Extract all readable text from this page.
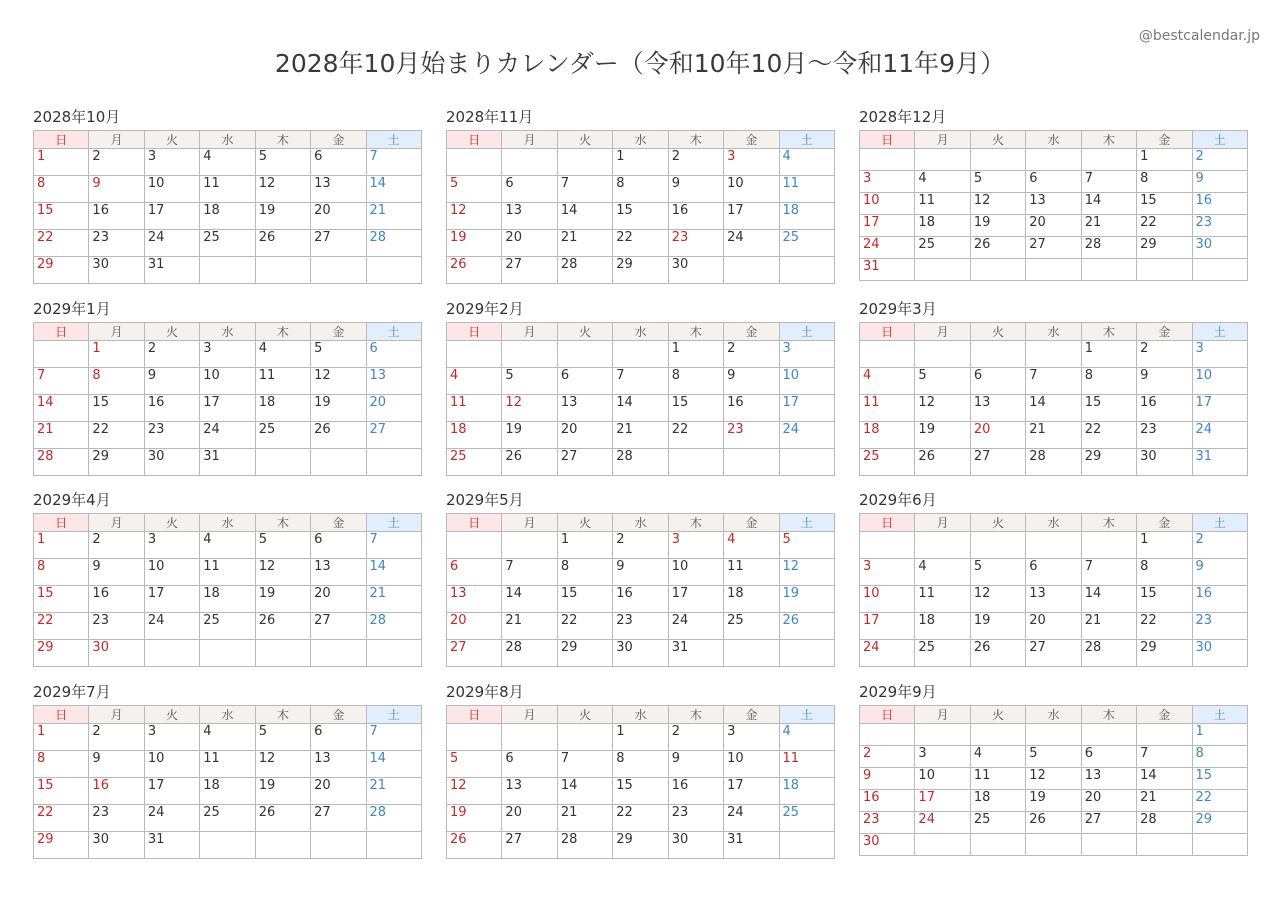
@bestcalendar.jp
2028年10月始まりカレンダー（令和10年10月〜令和11年9月）
2028年10月
日	月	火	水	木	金	土
1	2	3	4	5	6	7
8	9	10	11	12	13	14
15	16	17	18	19	20	21
22	23	24	25	26	27	28
29	30	31				
2028年11月
日	月	火	水	木	金	土
			1	2	3	4
5	6	7	8	9	10	11
12	13	14	15	16	17	18
19	20	21	22	23	24	25
26	27	28	29	30		
2028年12月
日	月	火	水	木	金	土
					1	2
3	4	5	6	7	8	9
10	11	12	13	14	15	16
17	18	19	20	21	22	23
24	25	26	27	28	29	30
31						
2029年1月
日	月	火	水	木	金	土
	1	2	3	4	5	6
7	8	9	10	11	12	13
14	15	16	17	18	19	20
21	22	23	24	25	26	27
28	29	30	31			
2029年2月
日	月	火	水	木	金	土
				1	2	3
4	5	6	7	8	9	10
11	12	13	14	15	16	17
18	19	20	21	22	23	24
25	26	27	28			
2029年3月
日	月	火	水	木	金	土
				1	2	3
4	5	6	7	8	9	10
11	12	13	14	15	16	17
18	19	20	21	22	23	24
25	26	27	28	29	30	31
2029年4月
日	月	火	水	木	金	土
1	2	3	4	5	6	7
8	9	10	11	12	13	14
15	16	17	18	19	20	21
22	23	24	25	26	27	28
29	30					
2029年5月
日	月	火	水	木	金	土
		1	2	3	4	5
6	7	8	9	10	11	12
13	14	15	16	17	18	19
20	21	22	23	24	25	26
27	28	29	30	31		
2029年6月
日	月	火	水	木	金	土
					1	2
3	4	5	6	7	8	9
10	11	12	13	14	15	16
17	18	19	20	21	22	23
24	25	26	27	28	29	30
2029年7月
日	月	火	水	木	金	土
1	2	3	4	5	6	7
8	9	10	11	12	13	14
15	16	17	18	19	20	21
22	23	24	25	26	27	28
29	30	31				
2029年8月
日	月	火	水	木	金	土
			1	2	3	4
5	6	7	8	9	10	11
12	13	14	15	16	17	18
19	20	21	22	23	24	25
26	27	28	29	30	31	
2029年9月
日	月	火	水	木	金	土
						1
2	3	4	5	6	7	8
9	10	11	12	13	14	15
16	17	18	19	20	21	22
23	24	25	26	27	28	29
30						
